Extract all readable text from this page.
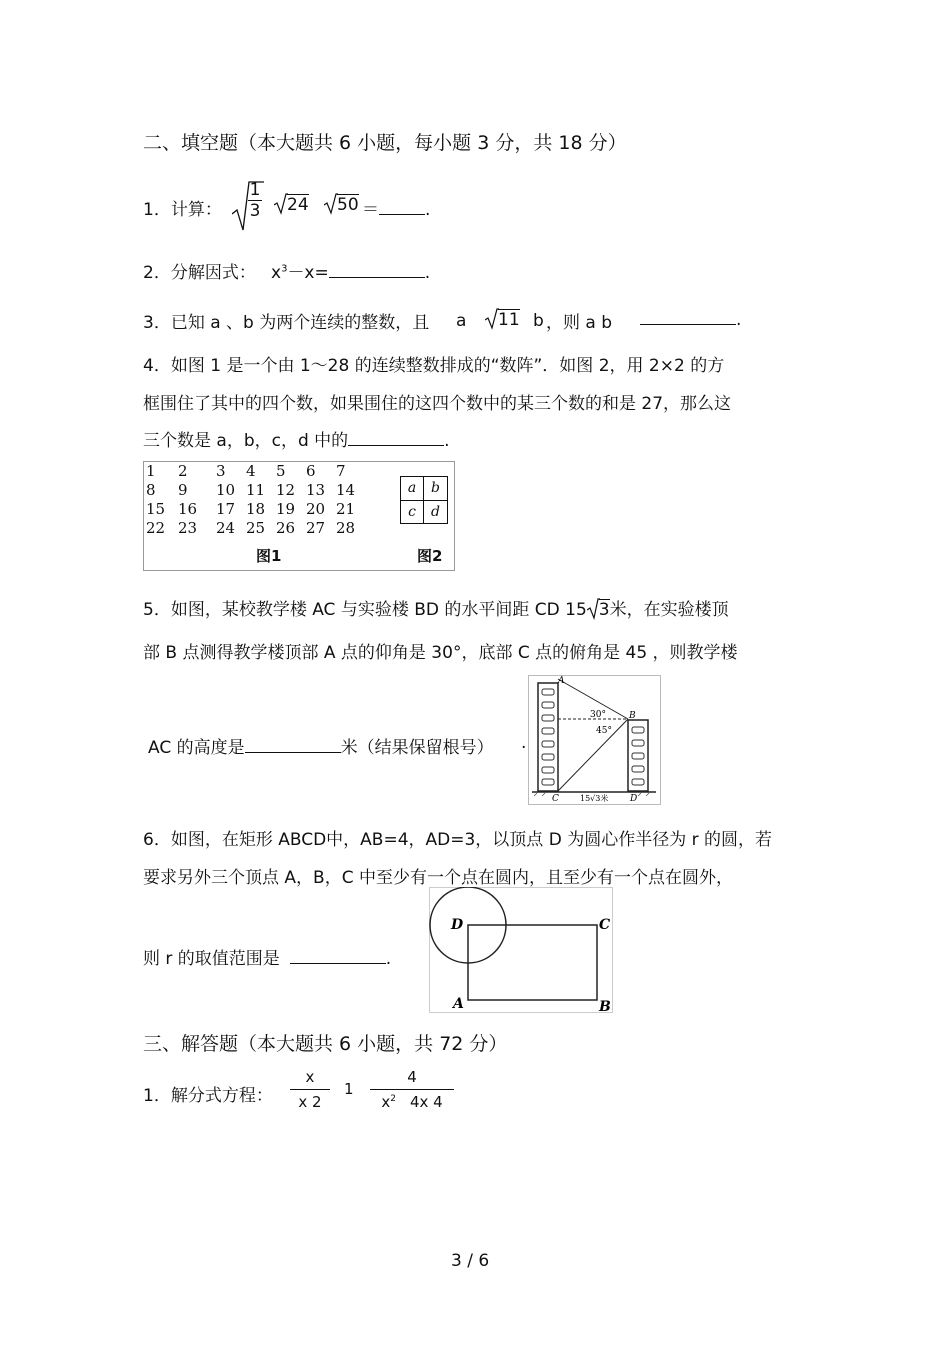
二、填空题（本大题共 6 小题，每小题 3 分，共 18 分）
1．计算：
1
3	24	50 ＝	.
2．分解因式： $x^3-x=$	.
3．已知 a 、b 为两个连续的整数，且 a	11 b ，则 a b	.
4．如图 1 是一个由 1～28 的连续整数排成的“数阵”．如图 2，用 2×2 的方
框围住了其中的四个数，如果围住的这四个数中的某三个数的和是 27，那么这
三个数是 a，b，c，d 中的	.
1	2	3	4	5	6	7
8	9	10 11 12 13 14
15 16	17 18 19 20 21
22 23	24 25 26 27 28
图1
a	b
c	d
图2
5．如图，某校教学楼 AC 与实验楼 BD 的水平间距 CD 15 3米，在实验楼顶
部 B 点测得教学楼顶部 A 点的仰角是 30°，底部 C 点的俯角是 45 ，则教学楼
AC 的高度是	米（结果保留根号） .
A
B
C	D
30°
45°
15√3米
6．如图，在矩形 ABCD中，AB=4，AD=3，以顶点 D 为圆心作半径为 r 的圆，若
要求另外三个顶点 A，B，C 中至少有一个点在圆内，且至少有一个点在圆外，
则 r 的取值范围是	.
D	C
A	B
三、解答题（本大题共 6 小题，共 72 分）
1．解分式方程： $\frac{x}{x 2} 1 \frac{4}{x^2 4x 4}$
3 / 6
